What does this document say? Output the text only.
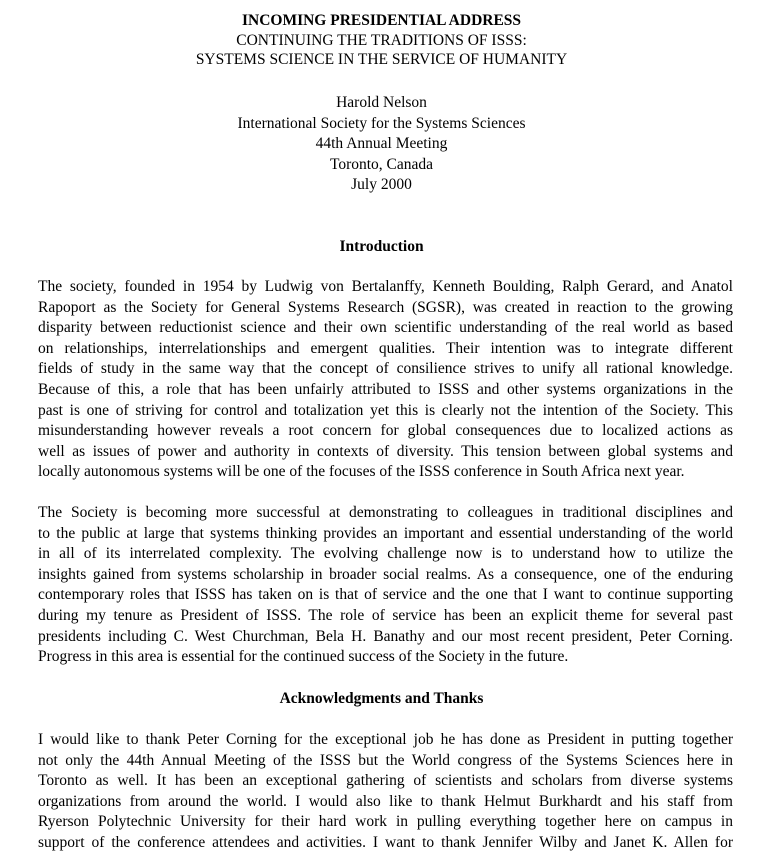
INCOMING PRESIDENTIAL ADDRESS
CONTINUING THE TRADITIONS OF ISSS:
SYSTEMS SCIENCE IN THE SERVICE OF HUMANITY
Harold Nelson
International Society for the Systems Sciences
44th Annual Meeting
Toronto, Canada
July 2000
Introduction
The society, founded in 1954 by Ludwig von Bertalanffy, Kenneth Boulding, Ralph Gerard, and Anatol
Rapoport as the Society for General Systems Research (SGSR), was created in reaction to the growing
disparity between reductionist science and their own scientific understanding of the real world as based
on relationships, interrelationships and emergent qualities. Their intention was to integrate different
fields of study in the same way that the concept of consilience strives to unify all rational knowledge.
Because of this, a role that has been unfairly attributed to ISSS and other systems organizations in the
past is one of striving for control and totalization yet this is clearly not the intention of the Society. This
misunderstanding however reveals a root concern for global consequences due to localized actions as
well as issues of power and authority in contexts of diversity. This tension between global systems and
locally autonomous systems will be one of the focuses of the ISSS conference in South Africa next year.
The Society is becoming more successful at demonstrating to colleagues in traditional disciplines and
to the public at large that systems thinking provides an important and essential understanding of the world
in all of its interrelated complexity. The evolving challenge now is to understand how to utilize the
insights gained from systems scholarship in broader social realms. As a consequence, one of the enduring
contemporary roles that ISSS has taken on is that of service and the one that I want to continue supporting
during my tenure as President of ISSS. The role of service has been an explicit theme for several past
presidents including C. West Churchman, Bela H. Banathy and our most recent president, Peter Corning.
Progress in this area is essential for the continued success of the Society in the future.
Acknowledgments and Thanks
I would like to thank Peter Corning for the exceptional job he has done as President in putting together
not only the 44th Annual Meeting of the ISSS but the World congress of the Systems Sciences here in
Toronto as well. It has been an exceptional gathering of scientists and scholars from diverse systems
organizations from around the world. I would also like to thank Helmut Burkhardt and his staff from
Ryerson Polytechnic University for their hard work in pulling everything together here on campus in
support of the conference attendees and activities. I want to thank Jennifer Wilby and Janet K. Allen for
